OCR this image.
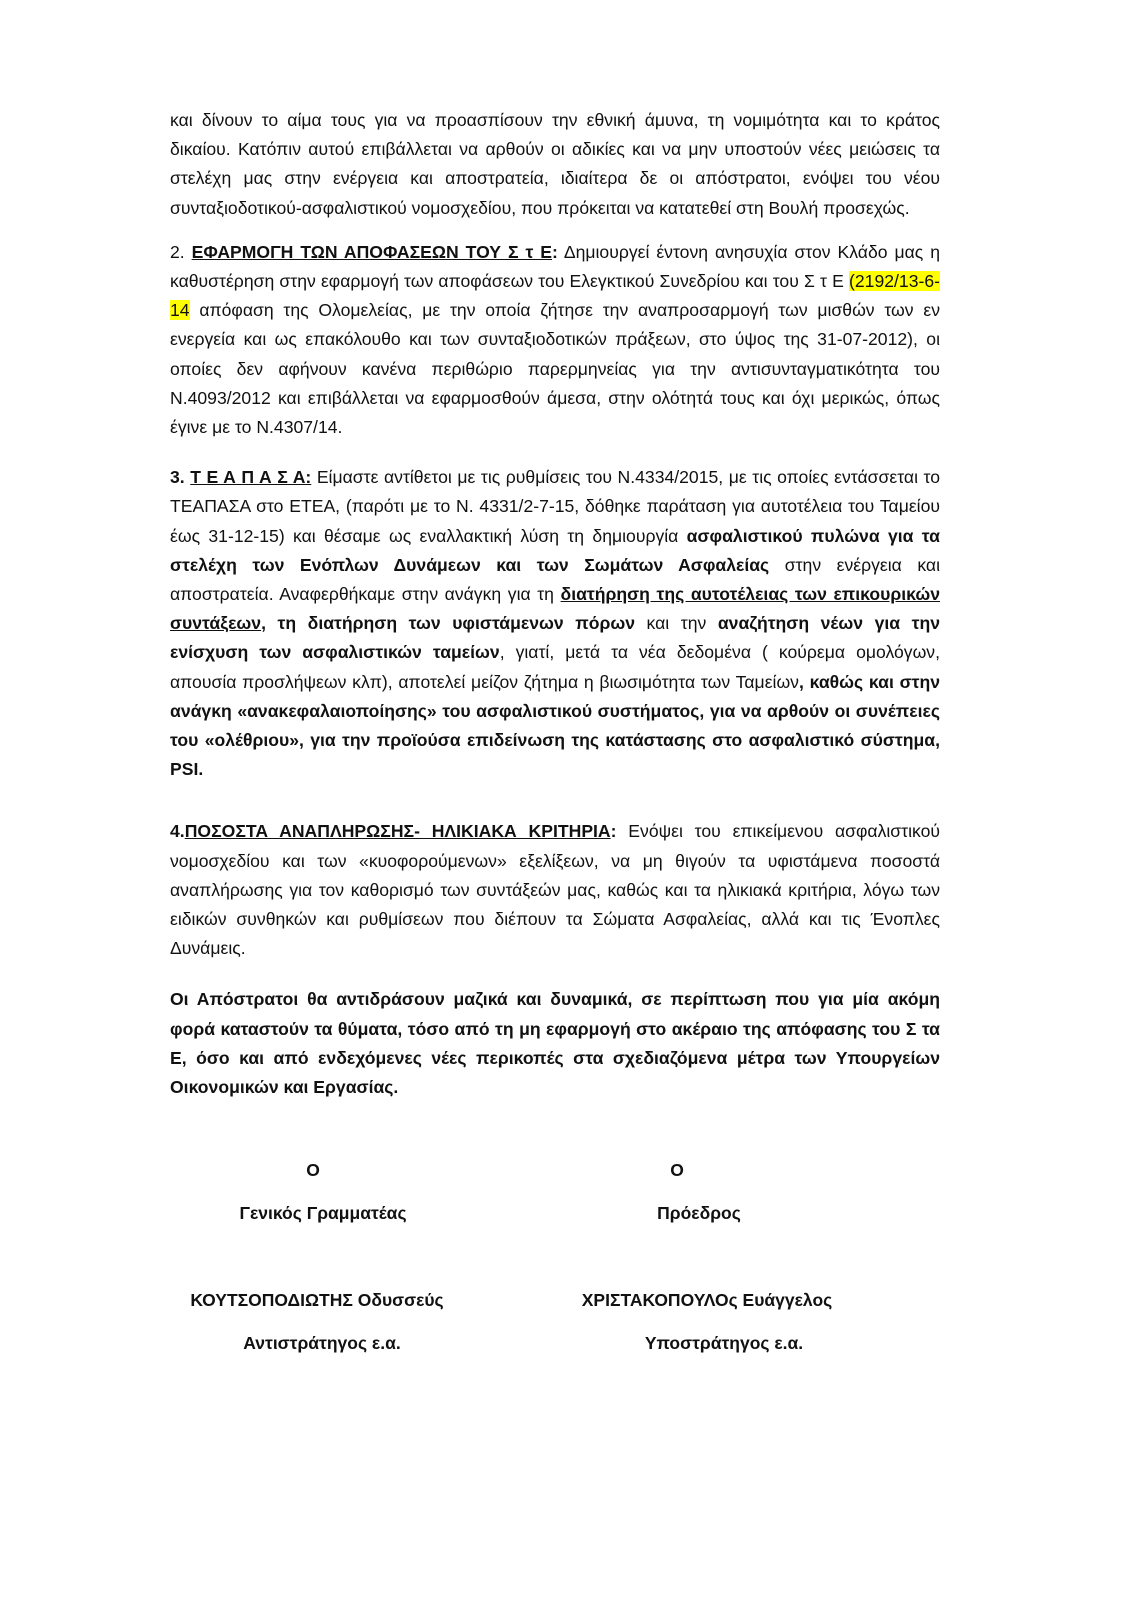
και δίνουν το αίμα τους για να προασπίσουν την εθνική άμυνα, τη νομιμότητα και το κράτος δικαίου. Κατόπιν αυτού επιβάλλεται να αρθούν οι αδικίες και να μην υποστούν νέες μειώσεις τα στελέχη μας στην ενέργεια και αποστρατεία, ιδιαίτερα δε οι απόστρατοι, ενόψει του νέου συνταξιοδοτικού-ασφαλιστικού νομοσχεδίου, που πρόκειται να κατατεθεί στη Βουλή προσεχώς.

2. ΕΦΑΡΜΟΓΗ ΤΩΝ ΑΠΟΦΑΣΕΩΝ ΤΟΥ Σ τ Ε: Δημιουργεί έντονη ανησυχία στον Κλάδο μας η καθυστέρηση στην εφαρμογή των αποφάσεων του Ελεγκτικού Συνεδρίου και του Σ τ Ε (2192/13-6-14 απόφαση της Ολομελείας, με την οποία ζήτησε την αναπροσαρμογή των μισθών των εν ενεργεία και ως επακόλουθο και των συνταξιοδοτικών πράξεων, στο ύψος της 31-07-2012), οι οποίες δεν αφήνουν κανένα περιθώριο παρερμηνείας για την αντισυνταγματικότητα του Ν.4093/2012 και επιβάλλεται να εφαρμοσθούν άμεσα, στην ολότητά τους και όχι μερικώς, όπως έγινε με το Ν.4307/14.

3. Τ Ε Α Π Α Σ Α: Είμαστε αντίθετοι με τις ρυθμίσεις του Ν.4334/2015, με τις οποίες εντάσσεται το ΤΕΑΠΑΣΑ στο ΕΤΕΑ, (παρότι με το Ν. 4331/2-7-15, δόθηκε παράταση για αυτοτέλεια του Ταμείου έως 31-12-15) και θέσαμε ως εναλλακτική λύση τη δημιουργία ασφαλιστικού πυλώνα για τα στελέχη των Ενόπλων Δυνάμεων και των Σωμάτων Ασφαλείας στην ενέργεια και αποστρατεία. Αναφερθήκαμε στην ανάγκη για τη διατήρηση της αυτοτέλειας των επικουρικών συντάξεων, τη διατήρηση των υφιστάμενων πόρων και την αναζήτηση νέων για την ενίσχυση των ασφαλιστικών ταμείων, γιατί, μετά τα νέα δεδομένα ( κούρεμα ομολόγων, απουσία προσλήψεων κλπ), αποτελεί μείζον ζήτημα η βιωσιμότητα των Ταμείων, καθώς και στην ανάγκη «ανακεφαλαιοποίησης» του ασφαλιστικού συστήματος, για να αρθούν οι συνέπειες του «ολέθριου», για την προϊούσα επιδείνωση της κατάστασης στο ασφαλιστικό σύστημα, PSI.

4.ΠΟΣΟΣΤΑ ΑΝΑΠΛΗΡΩΣΗΣ- ΗΛΙΚΙΑΚΑ ΚΡΙΤΗΡΙΑ: Ενόψει του επικείμενου ασφαλιστικού νομοσχεδίου και των «κυοφορούμενων» εξελίξεων, να μη θιγούν τα υφιστάμενα ποσοστά αναπλήρωσης για τον καθορισμό των συντάξεών μας, καθώς και τα ηλικιακά κριτήρια, λόγω των ειδικών συνθηκών και ρυθμίσεων που διέπουν τα Σώματα Ασφαλείας, αλλά και τις Ένοπλες Δυνάμεις.

Οι Απόστρατοι θα αντιδράσουν μαζικά και δυναμικά, σε περίπτωση που για μία ακόμη φορά καταστούν τα θύματα, τόσο από τη μη εφαρμογή στο ακέραιο της απόφασης του Σ τα Ε, όσο και από ενδεχόμενες νέες περικοπές στα σχεδιαζόμενα μέτρα των Υπουργείων Οικονομικών και Εργασίας.

Ο
Γενικός Γραμματέας
ΚΟΥΤΣΟΠΟΔΙΩΤΗΣ Οδυσσεύς
Αντιστράτηγος ε.α.
Ο
Πρόεδρος
ΧΡΙΣΤΑΚΟΠΟΥΛΟς Ευάγγελος
Υποστράτηγος ε.α.
